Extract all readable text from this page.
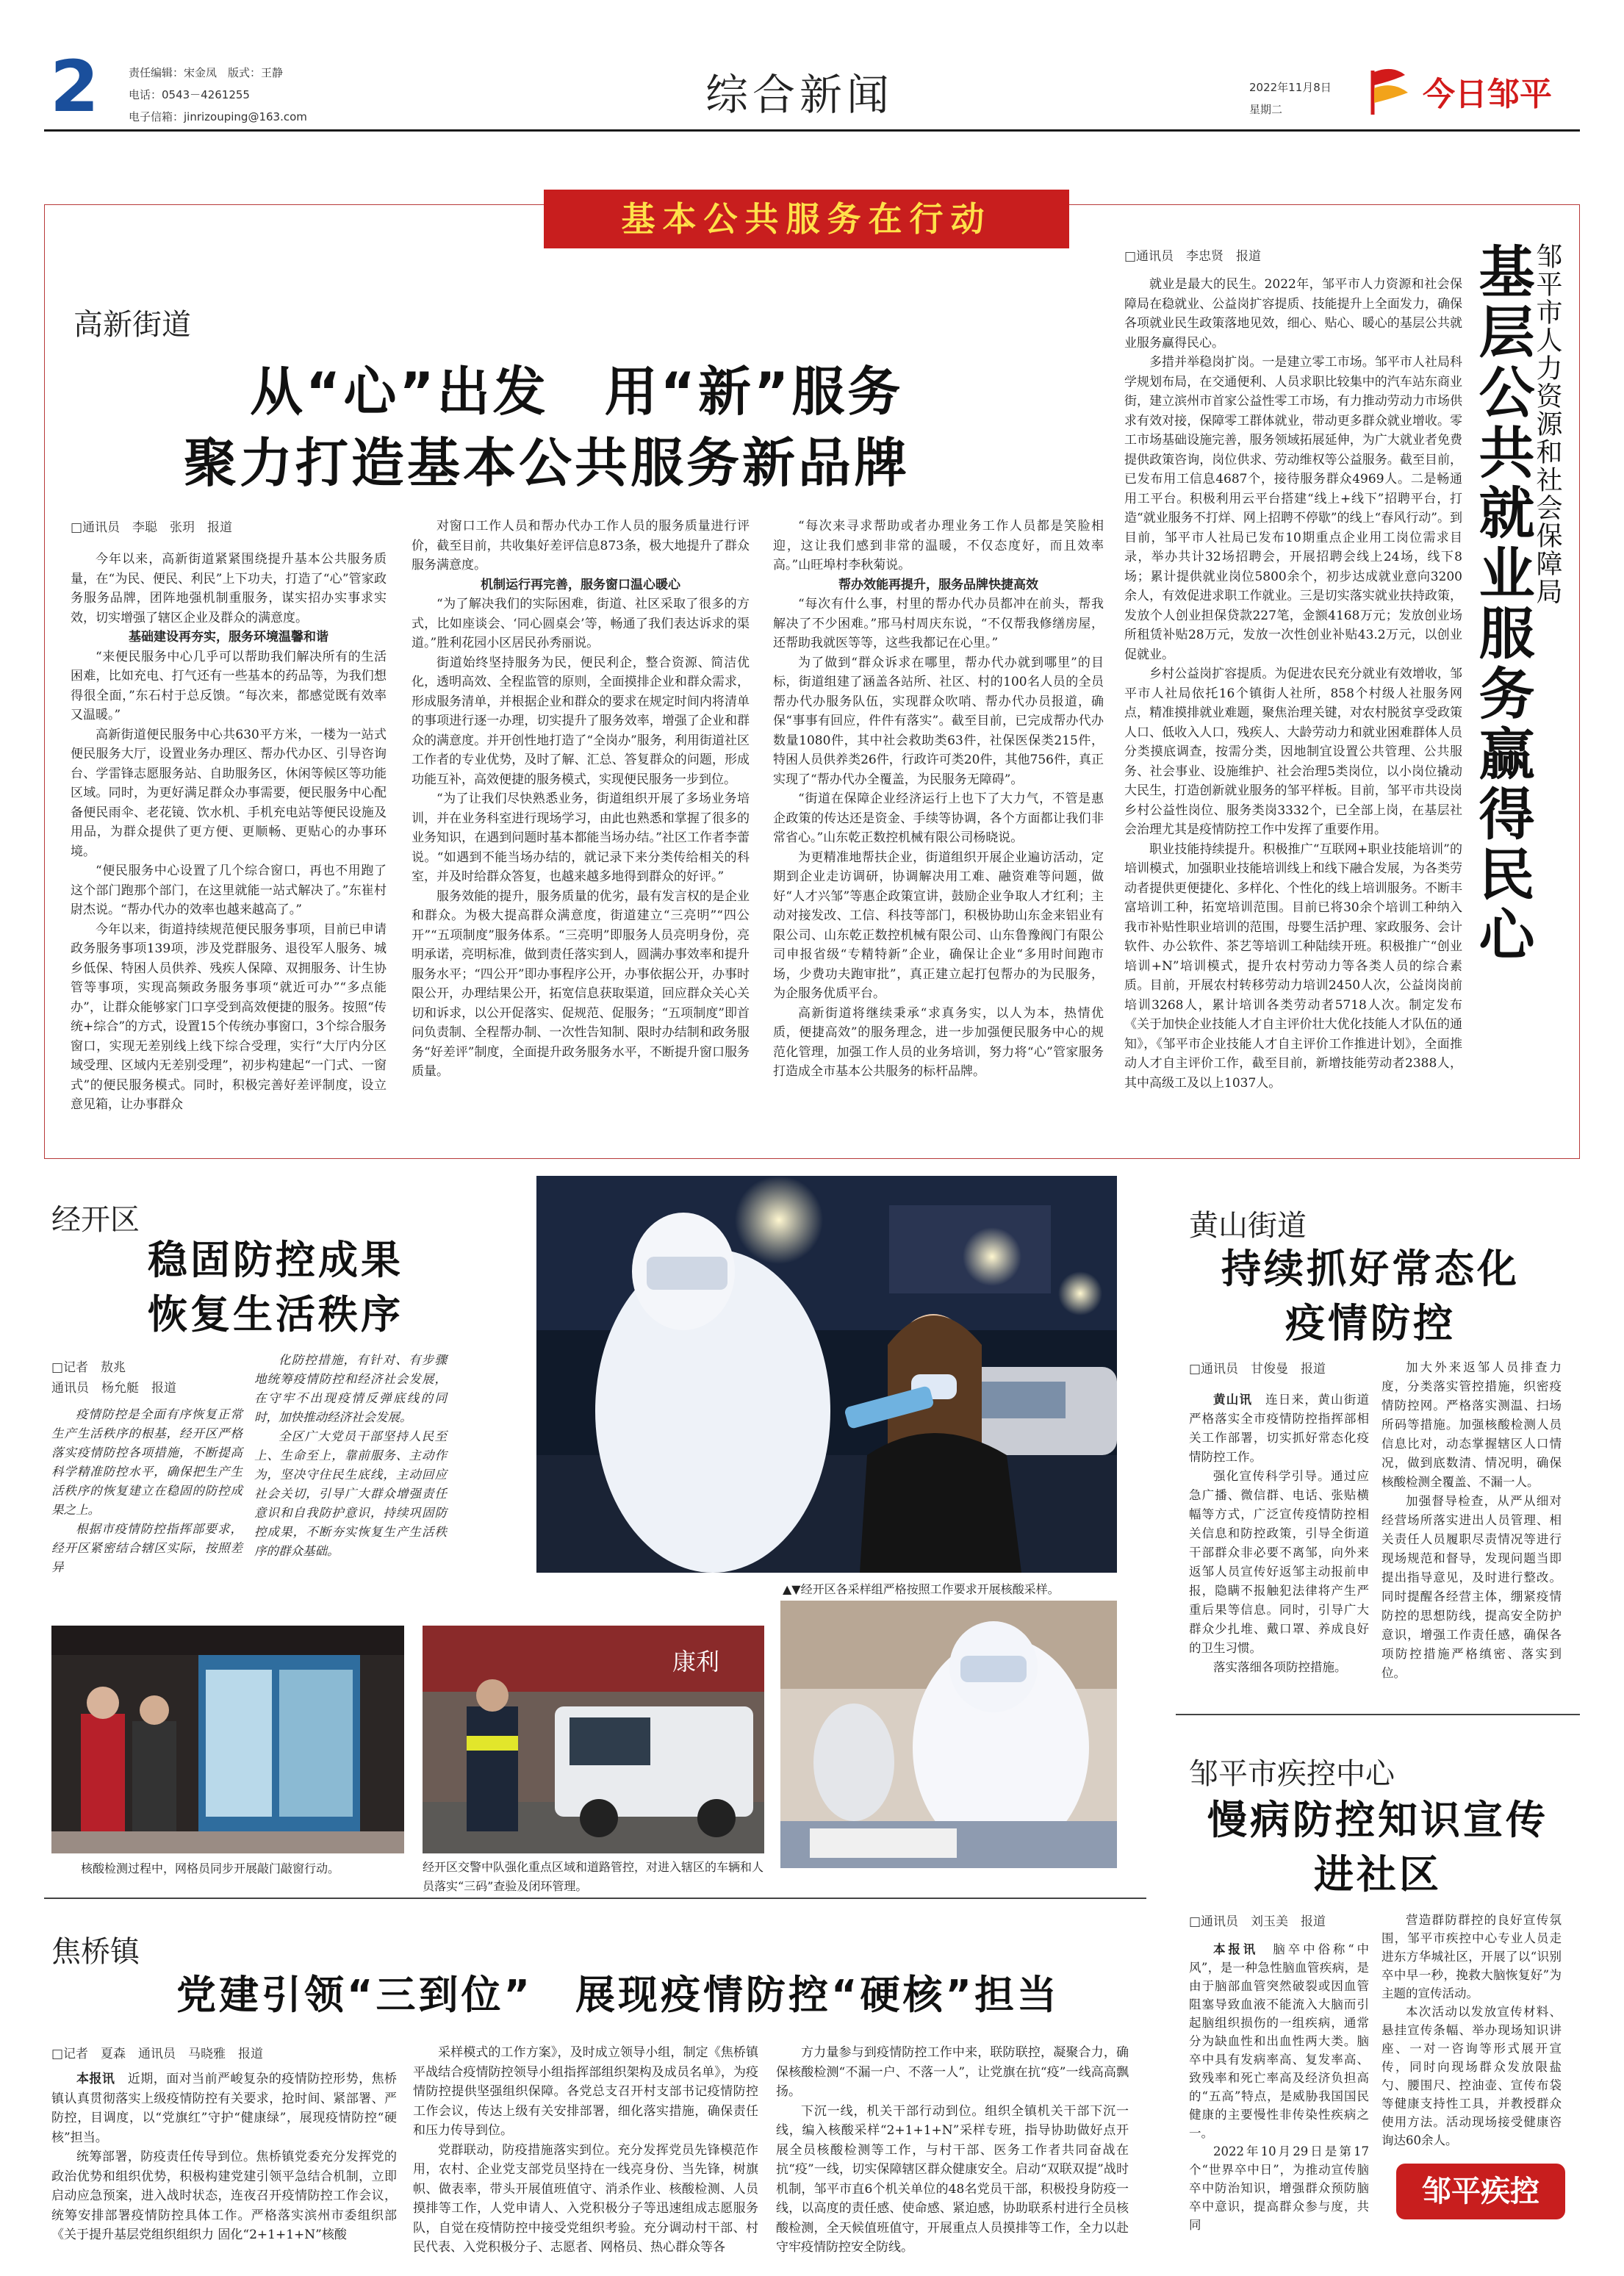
2	责任编辑：宋金凤　版式：王静
电话：0543－4261255
电子信箱：jinrizouping@163.com	综合新闻	2022年11月8日
星期二	今日邹平
基本公共服务在行动
高新街道
从“心”出发　用“新”服务
聚力打造基本公共服务新品牌
□通讯员　李聪　张玥　报道

今年以来，高新街道紧紧围绕提升基本公共服务质量，在“为民、便民、利民”上下功夫，打造了“心”管家政务服务品牌，团阵地强机制重服务，谋实招办实事求实效，切实增强了辖区企业及群众的满意度。

基础建设再夯实，服务环境温馨和谐

“来便民服务中心几乎可以帮助我们解决所有的生活困难，比如充电、打气还有一些基本的药品等，为我们想得很全面，”东石村于总反馈。“每次来，都感觉既有效率又温暖。”

高新街道便民服务中心共630平方米，一楼为一站式便民服务大厅，设置业务办理区、帮办代办区、引导咨询台、学雷锋志愿服务站、自助服务区，休闲等候区等功能区域。同时，为更好满足群众办事需要，便民服务中心配备便民雨伞、老花镜、饮水机、手机充电站等便民设施及用品，为群众提供了更方便、更顺畅、更贴心的办事环境。

“便民服务中心设置了几个综合窗口，再也不用跑了这个部门跑那个部门，在这里就能一站式解决了。”东崔村尉杰说。“帮办代办的效率也越来越高了。”

今年以来，街道持续规范便民服务事项，目前已申请政务服务事项139项，涉及党群服务、退役军人服务、城乡低保、特困人员供养、残疾人保障、双拥服务、计生协管等事项，实现高频政务服务事项“就近可办”“多点能办”，让群众能够家门口享受到高效便捷的服务。按照“传统+综合”的方式，设置15个传统办事窗口，3个综合服务窗口，实现无差别线上线下综合受理，实行“大厅内分区域受理、区域内无差别受理”，初步构建起“一门式、一窗式”的便民服务模式。同时，积极完善好差评制度，设立意见箱，让办事群众

对窗口工作人员和帮办代办工作人员的服务质量进行评价，截至目前，共收集好差评信息873条，极大地提升了群众服务满意度。

机制运行再完善，服务窗口温心暖心

“为了解决我们的实际困难，街道、社区采取了很多的方式，比如座谈会、‘同心圆桌会’等，畅通了我们表达诉求的渠道。”胜利花园小区居民孙秀丽说。

街道始终坚持服务为民，便民利企，整合资源、简洁优化，透明高效、全程监管的原则，全面摸排企业和群众需求，形成服务清单，并根据企业和群众的要求在规定时间内将清单的事项进行逐一办理，切实提升了服务效率，增强了企业和群众的满意度。并开创性地打造了“全岗办”服务，利用街道社区工作者的专业优势，及时了解、汇总、答复群众的问题，形成功能互补，高效便捷的服务模式，实现便民服务一步到位。

“为了让我们尽快熟悉业务，街道组织开展了多场业务培训，并在业务科室进行现场学习，由此也熟悉和掌握了很多的业务知识，在遇到问题时基本都能当场办结。”社区工作者李蕾说。“如遇到不能当场办结的，就记录下来分类传给相关的科室，并及时给群众答复，也越来越多地得到群众的好评。”

服务效能的提升，服务质量的优劣，最有发言权的是企业和群众。为极大提高群众满意度，街道建立“三亮明”“四公开”“五项制度”服务体系。“三亮明”即服务人员亮明身份，亮明承诺，亮明标准，做到责任落实到人，圆满办事效率和提升服务水平；“四公开”即办事程序公开，办事依据公开，办事时限公开，办理结果公开，拓宽信息获取渠道，回应群众关心关切和诉求，以公开促落实、促规范、促服务；“五项制度”即首问负责制、全程帮办制、一次性告知制、限时办结制和政务服务“好差评”制度，全面提升政务服务水平，不断提升窗口服务质量。

“每次来寻求帮助或者办理业务工作人员都是笑脸相迎，这让我们感到非常的温暖，不仅态度好，而且效率高。”山旺埠村李秋菊说。

帮办效能再提升，服务品牌快捷高效

“每次有什么事，村里的帮办代办员都冲在前头，帮我解决了不少困难。”邢马村周庆东说，“不仅帮我修缮房屋，还帮助我就医等等，这些我都记在心里。”

为了做到“群众诉求在哪里，帮办代办就到哪里”的目标，街道组建了涵盖各站所、社区、村的100名人员的全员帮办代办服务队伍，实现群众吹哨、帮办代办员报道，确保“事事有回应，件件有落实”。截至目前，已完成帮办代办数量1080件，其中社会救助类63件，社保医保类215件，特困人员供养类26件，行政许可类20件，其他756件，真正实现了“帮办代办全覆盖，为民服务无障碍”。

“街道在保障企业经济运行上也下了大力气，不管是惠企政策的传达还是资金、手续等协调，各个方面都让我们非常省心。”山东乾正数控机械有限公司杨晓说。

为更精准地帮扶企业，街道组织开展企业遍访活动，定期到企业走访调研，协调解决用工难、融资难等问题，做好“人才兴邹”等惠企政策宣讲，鼓励企业争取人才红利；主动对接发改、工信、科技等部门，积极协助山东金来铝业有限公司、山东乾正数控机械有限公司、山东鲁豫阀门有限公司申报省级“专精特新”企业，确保让企业“多用时间跑市场，少费功夫跑审批”，真正建立起打包帮办的为民服务，为企服务优质平台。

高新街道将继续秉承“求真务实，以人为本，热情优质，便捷高效”的服务理念，进一步加强便民服务中心的规范化管理，加强工作人员的业务培训，努力将“心”管家服务打造成全市基本公共服务的标杆品牌。

□通讯员　李忠贤　报道

就业是最大的民生。2022年，邹平市人力资源和社会保障局在稳就业、公益岗扩容提质、技能提升上全面发力，确保各项就业民生政策落地见效，细心、贴心、暖心的基层公共就业服务赢得民心。

多措并举稳岗扩岗。一是建立零工市场。邹平市人社局科学规划布局，在交通便利、人员求职比较集中的汽车站东商业街，建立滨州市首家公益性零工市场，有力推动劳动力市场供求有效对接，保障零工群体就业，带动更多群众就业增收。零工市场基础设施完善，服务领域拓展延伸，为广大就业者免费提供政策咨询，岗位供求、劳动维权等公益服务。截至目前，已发布用工信息4687个，接待服务群众4969人。二是畅通用工平台。积极利用云平台搭建“线上+线下”招聘平台，打造“就业服务不打烊、网上招聘不停歇”的线上“春风行动”。到目前，邹平市人社局已发布10期重点企业用工岗位需求目录，举办共计32场招聘会，开展招聘会线上24场，线下8场；累计提供就业岗位5800余个，初步达成就业意向3200余人，有效促进求职工作就业。三是切实落实就业扶持政策，发放个人创业担保贷款227笔，金额4168万元；发放创业场所租赁补贴28万元，发放一次性创业补贴43.2万元，以创业促就业。

乡村公益岗扩容提质。为促进农民充分就业有效增收，邹平市人社局依托16个镇街人社所，858个村级人社服务网点，精准摸排就业难题，聚焦治理关键，对农村脱贫享受政策人口、低收入人口，残疾人、大龄劳动力和就业困难群体人员分类摸底调查，按需分类，因地制宜设置公共管理、公共服务、社会事业、设施维护、社会治理5类岗位，以小岗位撬动大民生，打造创新就业服务的邹平样板。目前，邹平市共设岗乡村公益性岗位、服务类岗3332个，已全部上岗，在基层社会治理尤其是疫情防控工作中发挥了重要作用。

职业技能持续提升。积极推广“互联网+职业技能培训”的培训模式，加强职业技能培训线上和线下融合发展，为各类劳动者提供更便捷化、多样化、个性化的线上培训服务。不断丰富培训工种，拓宽培训范围。目前已将30余个培训工种纳入我市补贴性职业培训的范围，母婴生活护理、家政服务、会计软件、办公软件、茶艺等培训工种陆续开班。积极推广“创业培训+N”培训模式，提升农村劳动力等各类人员的综合素质。目前，开展农村转移劳动力培训2450人次，公益岗岗前培训3268人，累计培训各类劳动者5718人次。制定发布《关于加快企业技能人才自主评价壮大优化技能人才队伍的通知》，《邹平市企业技能人才自主评价工作推进计划》，全面推动人才自主评价工作，截至目前，新增技能劳动者2388人，其中高级工及以上1037人。

邹平市人力资源和社会保障局
基层公共就业服务赢得民心
经开区
稳固防控成果
恢复生活秩序
□记者　敖兆
通讯员　杨允艇　报道

疫情防控是全面有序恢复正常生产生活秩序的根基，经开区严格落实疫情防控各项措施，不断提高科学精准防控水平，确保把生产生活秩序的恢复建立在稳固的防控成果之上。

根据市疫情防控指挥部要求，经开区紧密结合辖区实际，按照差异

化防控措施，有针对、有步骤地统筹疫情防控和经济社会发展，在守牢不出现疫情反弹底线的同时，加快推动经济社会发展。

全区广大党员干部坚持人民至上、生命至上，靠前服务、主动作为，坚决守住民生底线，主动回应社会关切，引导广大群众增强责任意识和自我防护意识，持续巩固防控成果，不断夯实恢复生产生活秩序的群众基础。

▲▼经开区各采样组严格按照工作要求开展核酸采样。
核酸检测过程中，网格员同步开展敲门敲窗行动。
康利
经开区交警中队强化重点区域和道路管控，对进入辖区的车辆和人员落实“三码”查验及闭环管理。
黄山街道
持续抓好常态化
疫情防控
□通讯员　甘俊曼　报道

黄山讯　连日来，黄山街道严格落实全市疫情防控指挥部相关工作部署，切实抓好常态化疫情防控工作。

强化宣传科学引导。通过应急广播、微信群、电话、张贴横幅等方式，广泛宣传疫情防控相关信息和防控政策，引导全街道干部群众非必要不离邹，向外来返邹人员宣传好返邹主动报前申报，隐瞒不报触犯法律将产生严重后果等信息。同时，引导广大群众少扎堆、戴口罩、养成良好的卫生习惯。

落实落细各项防控措施。

加大外来返邹人员排查力度，分类落实管控措施，织密疫情防控网。严格落实测温、扫场所码等措施。加强核酸检测人员信息比对，动态掌握辖区人口情况，做到底数清、情况明，确保核酸检测全覆盖、不漏一人。

加强督导检查，从严从细对经营场所落实进出人员管理、相关责任人员履职尽责情况等进行现场规范和督导，发现问题当即提出指导意见，及时进行整改。同时提醒各经营主体，绷紧疫情防控的思想防线，提高安全防护意识，增强工作责任感，确保各项防控措施严格缜密、落实到位。

邹平市疾控中心
慢病防控知识宣传
进社区
□通讯员　刘玉美　报道

本报讯　脑卒中俗称“中风”，是一种急性脑血管疾病，是由于脑部血管突然破裂或因血管阻塞导致血液不能流入大脑而引起脑组织损伤的一组疾病，通常分为缺血性和出血性两大类。脑卒中具有发病率高、复发率高、致残率和死亡率高及经济负担高的“五高”特点，是威胁我国国民健康的主要慢性非传染性疾病之一。

2022年10月29日是第17个“世界卒中日”，为推动宣传脑卒中防治知识，增强群众预防脑卒中意识，提高群众参与度，共同

营造群防群控的良好宣传氛围，邹平市疾控中心专业人员走进东方华城社区，开展了以“识别卒中早一秒，挽救大脑恢复好”为主题的宣传活动。

本次活动以发放宣传材料、悬挂宣传条幅、举办现场知识讲座、一对一咨询等形式展开宣传，同时向现场群众发放限盐勺、腰围尺、控油壶、宣传布袋等健康支持性工具，并教授群众使用方法。活动现场接受健康咨询达60余人。

邹平疾控
焦桥镇
党建引领“三到位”　展现疫情防控“硬核”担当
□记者　夏森　通讯员　马晓雅　报道

本报讯　近期，面对当前严峻复杂的疫情防控形势，焦桥镇认真贯彻落实上级疫情防控有关要求，抢时间、紧部署、严防控，目调度，以“党旗红”守护“健康绿”，展现疫情防控“硬核”担当。

统筹部署，防疫责任传导到位。焦桥镇党委充分发挥党的政治优势和组织优势，积极构建党建引领平急结合机制，立即启动应急预案，进入战时状态，连夜召开疫情防控工作会议，统筹安排部署疫情防控具体工作。严格落实滨州市委组织部《关于提升基层党组织组织力 固化“2+1+1+N”核酸

采样模式的工作方案》，及时成立领导小组，制定《焦桥镇平战结合疫情防控领导小组指挥部组织架构及成员名单》，为疫情防控提供坚强组织保障。各党总支召开村支部书记疫情防控工作会议，传达上级有关安排部署，细化落实措施，确保责任和压力传导到位。

党群联动，防疫措施落实到位。充分发挥党员先锋模范作用，农村、企业党支部党员坚持在一线亮身份、当先锋，树旗帜、做表率，带头开展值班值守、消杀作业、核酸检测、人员摸排等工作，人党申请人、入党积极分子等迅速组成志愿服务队，自觉在疫情防控中接受党组织考验。充分调动村干部、村民代表、入党积极分子、志愿者、网格员、热心群众等各

方力量参与到疫情防控工作中来，联防联控，凝聚合力，确保核酸检测“不漏一户、不落一人”，让党旗在抗“疫”一线高高飘扬。

下沉一线，机关干部行动到位。组织全镇机关干部下沉一线，编入核酸采样“2+1+1+N”采样专班，指导协助做好点开展全员核酸检测等工作，与村干部、医务工作者共同奋战在抗“疫”一线，切实保障辖区群众健康安全。启动“双联双提”战时机制，邹平市直6个机关单位的48名党员干部，积极投身防疫一线，以高度的责任感、使命感、紧迫感，协助联系村进行全员核酸检测，全天候值班值守，开展重点人员摸排等工作，全力以赴守牢疫情防控安全防线。
